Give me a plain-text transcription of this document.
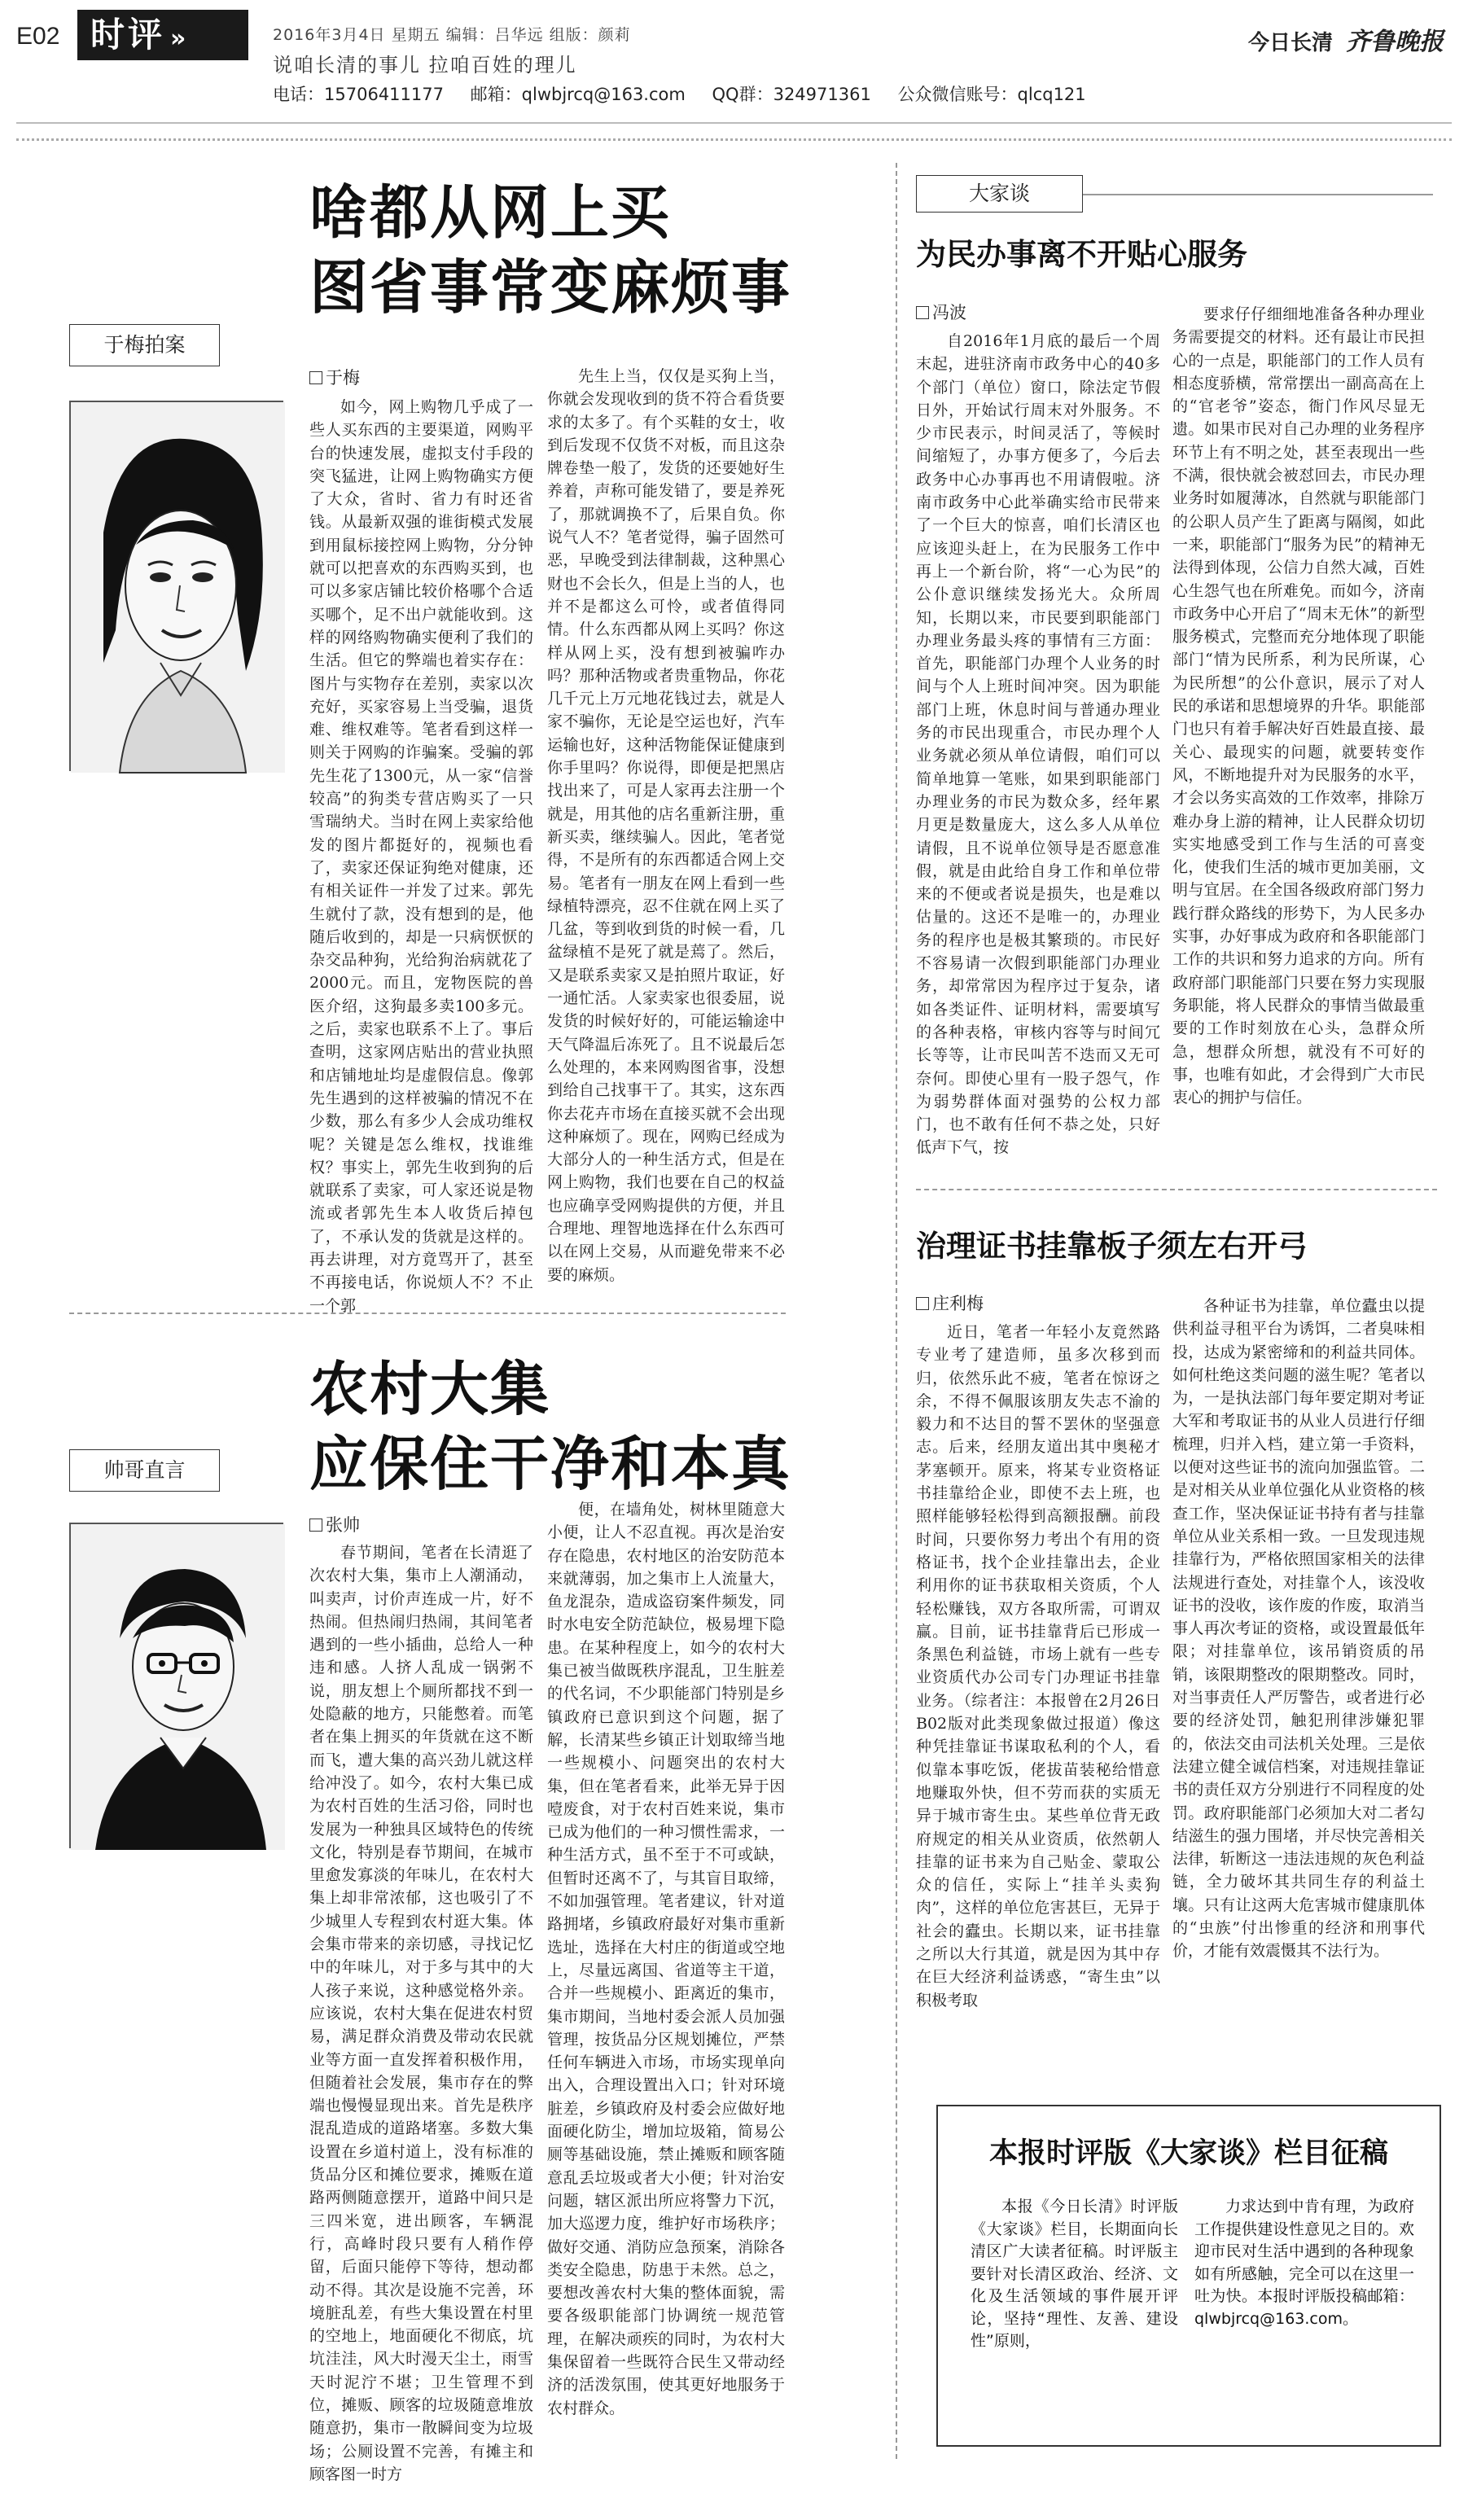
E02 时评 »	2016年3月4日 星期五 编辑：吕华远 组版：颜莉
说咱长清的事儿 拉咱百姓的理儿
今日长清 齐鲁晚报
电话：15706411177 邮箱：qlwbjrcq@163.com QQ群：324971361 公众微信账号：qlcq121
啥都从网上买
图省事常变麻烦事
于梅拍案
于梅

如今，网上购物几乎成了一些人买东西的主要渠道，网购平台的快速发展，虚拟支付手段的突飞猛进，让网上购物确实方便了大众，省时、省力有时还省钱。从最新双强的谁街模式发展到用鼠标接控网上购物，分分钟就可以把喜欢的东西购买到，也可以多家店铺比较价格哪个合适买哪个，足不出户就能收到。这样的网络购物确实便利了我们的生活。但它的弊端也着实存在：图片与实物存在差别，卖家以次充好，买家容易上当受骗，退货难、维权难等。笔者看到这样一则关于网购的诈骗案。受骗的郭先生花了1300元，从一家“信誉较高”的狗类专营店购买了一只雪瑞纳犬。当时在网上卖家给他发的图片都挺好的，视频也看了，卖家还保证狗绝对健康，还有相关证件一并发了过来。郭先生就付了款，没有想到的是，他随后收到的，却是一只病恹恹的杂交品种狗，光给狗治病就花了2000元。而且，宠物医院的兽医介绍，这狗最多卖100多元。之后，卖家也联系不上了。事后查明，这家网店贴出的营业执照和店铺地址均是虚假信息。像郭先生遇到的这样被骗的情况不在少数，那么有多少人会成功维权呢？关键是怎么维权，找谁维权？事实上，郭先生收到狗的后就联系了卖家，可人家还说是物流或者郭先生本人收货后掉包了，不承认发的货就是这样的。再去讲理，对方竟骂开了，甚至不再接电话，你说烦人不？不止一个郭

先生上当，仅仅是买狗上当，你就会发现收到的货不符合看货要求的太多了。有个买鞋的女士，收到后发现不仅货不对板，而且这杂牌卷垫一般了，发货的还要她好生养着，声称可能发错了，要是养死了，那就调换不了，后果自负。你说气人不？笔者觉得，骗子固然可恶，早晚受到法律制裁，这种黑心财也不会长久，但是上当的人，也并不是都这么可怜，或者值得同情。什么东西都从网上买吗？你这样从网上买，没有想到被骗咋办吗？那种活物或者贵重物品，你花几千元上万元地花钱过去，就是人家不骗你，无论是空运也好，汽车运输也好，这种活物能保证健康到你手里吗？你说得，即便是把黑店找出来了，可是人家再去注册一个就是，用其他的店名重新注册，重新买卖，继续骗人。因此，笔者觉得，不是所有的东西都适合网上交易。笔者有一朋友在网上看到一些绿植特漂亮，忍不住就在网上买了几盆，等到收到货的时候一看，几盆绿植不是死了就是蔫了。然后，又是联系卖家又是拍照片取证，好一通忙活。人家卖家也很委屈，说发货的时候好好的，可能运输途中天气降温后冻死了。且不说最后怎么处理的，本来网购图省事，没想到给自己找事干了。其实，这东西你去花卉市场在直接买就不会出现这种麻烦了。现在，网购已经成为大部分人的一种生活方式，但是在网上购物，我们也要在自己的权益也应确享受网购提供的方便，并且合理地、理智地选择在什么东西可以在网上交易，从而避免带来不必要的麻烦。

农村大集
应保住干净和本真
帅哥直言
张帅

春节期间，笔者在长清逛了次农村大集，集市上人潮涌动，叫卖声，讨价声连成一片，好不热闹。但热闹归热闹，其间笔者遇到的一些小插曲，总给人一种违和感。人挤人乱成一锅粥不说，朋友想上个厕所都找不到一处隐蔽的地方，只能憋着。而笔者在集上拥买的年货就在这不断而飞，遭大集的高兴劲儿就这样给冲没了。如今，农村大集已成为农村百姓的生活习俗，同时也发展为一种独具区域特色的传统文化，特别是春节期间，在城市里愈发寡淡的年味儿，在农村大集上却非常浓郁，这也吸引了不少城里人专程到农村逛大集。体会集市带来的亲切感，寻找记忆中的年味儿，对于多与其中的大人孩子来说，这种感觉格外亲。应该说，农村大集在促进农村贸易，满足群众消费及带动农民就业等方面一直发挥着积极作用，但随着社会发展，集市存在的弊端也慢慢显现出来。首先是秩序混乱造成的道路堵塞。多数大集设置在乡道村道上，没有标准的货品分区和摊位要求，摊贩在道路两侧随意摆开，道路中间只是三四米宽，进出顾客，车辆混行，高峰时段只要有人稍作停留，后面只能停下等待，想动都动不得。其次是设施不完善，环境脏乱差，有些大集设置在村里的空地上，地面硬化不彻底，坑坑洼洼，风大时漫天尘土，雨雪天时泥泞不堪；卫生管理不到位，摊贩、顾客的垃圾随意堆放随意扔，集市一散瞬间变为垃圾场；公厕设置不完善，有摊主和顾客图一时方

便，在墙角处，树林里随意大小便，让人不忍直视。再次是治安存在隐患，农村地区的治安防范本来就薄弱，加之集市上人流量大，鱼龙混杂，造成盗窃案件频发，同时水电安全防范缺位，极易埋下隐患。在某种程度上，如今的农村大集已被当做既秩序混乱，卫生脏差的代名词，不少职能部门特别是乡镇政府已意识到这个问题，据了解，长清某些乡镇正计划取缔当地一些规模小、问题突出的农村大集，但在笔者看来，此举无异于因噎废食，对于农村百姓来说，集市已成为他们的一种习惯性需求，一种生活方式，虽不至于不可或缺，但暂时还离不了，与其盲目取缔，不如加强管理。笔者建议，针对道路拥堵，乡镇政府最好对集市重新选址，选择在大村庄的街道或空地上，尽量远离国、省道等主干道，合并一些规模小、距离近的集市，集市期间，当地村委会派人员加强管理，按货品分区规划摊位，严禁任何车辆进入市场，市场实现单向出入，合理设置出入口；针对环境脏差，乡镇政府及村委会应做好地面硬化防尘，增加垃圾箱，简易公厕等基础设施，禁止摊贩和顾客随意乱丢垃圾或者大小便；针对治安问题，辖区派出所应将警力下沉，加大巡逻力度，维护好市场秩序；做好交通、消防应急预案，消除各类安全隐患，防患于未然。总之，要想改善农村大集的整体面貌，需要各级职能部门协调统一规范管理，在解决顽疾的同时，为农村大集保留着一些既符合民生又带动经济的活泼氛围，使其更好地服务于农村群众。

大家谈
为民办事离不开贴心服务
冯波

自2016年1月底的最后一个周末起，进驻济南市政务中心的40多个部门（单位）窗口，除法定节假日外，开始试行周末对外服务。不少市民表示，时间灵活了，等候时间缩短了，办事方便多了，今后去政务中心办事再也不用请假啦。济南市政务中心此举确实给市民带来了一个巨大的惊喜，咱们长清区也应该迎头赶上，在为民服务工作中再上一个新台阶，将“一心为民”的公仆意识继续发扬光大。众所周知，长期以来，市民要到职能部门办理业务最头疼的事情有三方面：首先，职能部门办理个人业务的时间与个人上班时间冲突。因为职能部门上班，休息时间与普通办理业务的市民出现重合，市民办理个人业务就必须从单位请假，咱们可以简单地算一笔账，如果到职能部门办理业务的市民为数众多，经年累月更是数量庞大，这么多人从单位请假，且不说单位领导是否愿意准假，就是由此给自身工作和单位带来的不便或者说是损失，也是难以估量的。这还不是唯一的，办理业务的程序也是极其繁琐的。市民好不容易请一次假到职能部门办理业务，却常常因为程序过于复杂，诸如各类证件、证明材料，需要填写的各种表格，审核内容等与时间冗长等等，让市民叫苦不迭而又无可奈何。即使心里有一股子怨气，作为弱势群体面对强势的公权力部门，也不敢有任何不恭之处，只好低声下气，按

要求仔仔细细地准备各种办理业务需要提交的材料。还有最让市民担心的一点是，职能部门的工作人员有相态度骄横，常常摆出一副高高在上的“官老爷”姿态，衙门作风尽显无遗。如果市民对自己办理的业务程序环节上有不明之处，甚至表现出一些不满，很快就会被怼回去，市民办理业务时如履薄冰，自然就与职能部门的公职人员产生了距离与隔阂，如此一来，职能部门“服务为民”的精神无法得到体现，公信力自然大减，百姓心生怨气也在所难免。而如今，济南市政务中心开启了“周末无休”的新型服务模式，完整而充分地体现了职能部门“情为民所系，利为民所谋，心为民所想”的公仆意识，展示了对人民的承诺和思想境界的升华。职能部门也只有着手解决好百姓最直接、最关心、最现实的问题，就要转变作风，不断地提升对为民服务的水平，才会以务实高效的工作效率，排除万难办身上游的精神，让人民群众切切实实地感受到工作与生活的可喜变化，使我们生活的城市更加美丽，文明与宜居。在全国各级政府部门努力践行群众路线的形势下，为人民多办实事，办好事成为政府和各职能部门工作的共识和努力追求的方向。所有政府部门职能部门只要在努力实现服务职能，将人民群众的事情当做最重要的工作时刻放在心头，急群众所急，想群众所想，就没有不可好的事，也唯有如此，才会得到广大市民衷心的拥护与信任。

治理证书挂靠板子须左右开弓
庄利梅

近日，笔者一年轻小友竟然路专业考了建造师，虽多次移到而归，依然乐此不疲，笔者在惊讶之余，不得不佩服该朋友失志不渝的毅力和不达目的誓不罢休的坚强意志。后来，经朋友道出其中奥秘才茅塞顿开。原来，将某专业资格证书挂靠给企业，即使不去上班，也照样能够轻松得到高额报酬。前段时间，只要你努力考出个有用的资格证书，找个企业挂靠出去，企业利用你的证书获取相关资质，个人轻松赚钱，双方各取所需，可谓双赢。目前，证书挂靠背后已形成一条黑色利益链，市场上就有一些专业资质代办公司专门办理证书挂靠业务。（综者注：本报曾在2月26日B02版对此类现象做过报道）像这种凭挂靠证书谋取私利的个人，看似靠本事吃饭，佬拔苗装秘给惜意地赚取外快，但不劳而获的实质无异于城市寄生虫。某些单位背无政府规定的相关从业资质，依然朝人挂靠的证书来为自己贴金、蒙取公众的信任，实际上“挂羊头卖狗肉”，这样的单位危害甚巨，无异于社会的蠹虫。长期以来，证书挂靠之所以大行其道，就是因为其中存在巨大经济利益诱惑，“寄生虫”以积极考取

各种证书为挂靠，单位蠹虫以提供利益寻租平台为诱饵，二者臭味相投，达成为紧密缔和的利益共同体。如何杜绝这类问题的滋生呢？笔者以为，一是执法部门每年要定期对考证大军和考取证书的从业人员进行仔细梳理，归并入档，建立第一手资料，以便对这些证书的流向加强监管。二是对相关从业单位强化从业资格的核查工作，坚决保证证书持有者与挂靠单位从业关系相一致。一旦发现违规挂靠行为，严格依照国家相关的法律法规进行查处，对挂靠个人，该没收证书的没收，该作废的作废，取消当事人再次考证的资格，或设置最低年限；对挂靠单位，该吊销资质的吊销，该限期整改的限期整改。同时，对当事责任人严厉警告，或者进行必要的经济处罚，触犯刑律涉嫌犯罪的，依法交由司法机关处理。三是依法建立健全诚信档案，对违规挂靠证书的责任双方分别进行不同程度的处罚。政府职能部门必须加大对二者勾结滋生的强力围堵，并尽快完善相关法律，斩断这一违法违规的灰色利益链，全力破坏其共同生存的利益土壤。只有让这两大危害城市健康肌体的“虫族”付出惨重的经济和刑事代价，才能有效震慑其不法行为。

本报时评版《大家谈》栏目征稿

本报《今日长清》时评版《大家谈》栏目，长期面向长清区广大读者征稿。时评版主要针对长清区政治、经济、文化及生活领域的事件展开评论，坚持“理性、友善、建设性”原则，

力求达到中肯有理，为政府工作提供建设性意见之目的。欢迎市民对生活中遇到的各种现象如有所感触，完全可以在这里一吐为快。本报时评版投稿邮箱：qlwbjrcq@163.com。
